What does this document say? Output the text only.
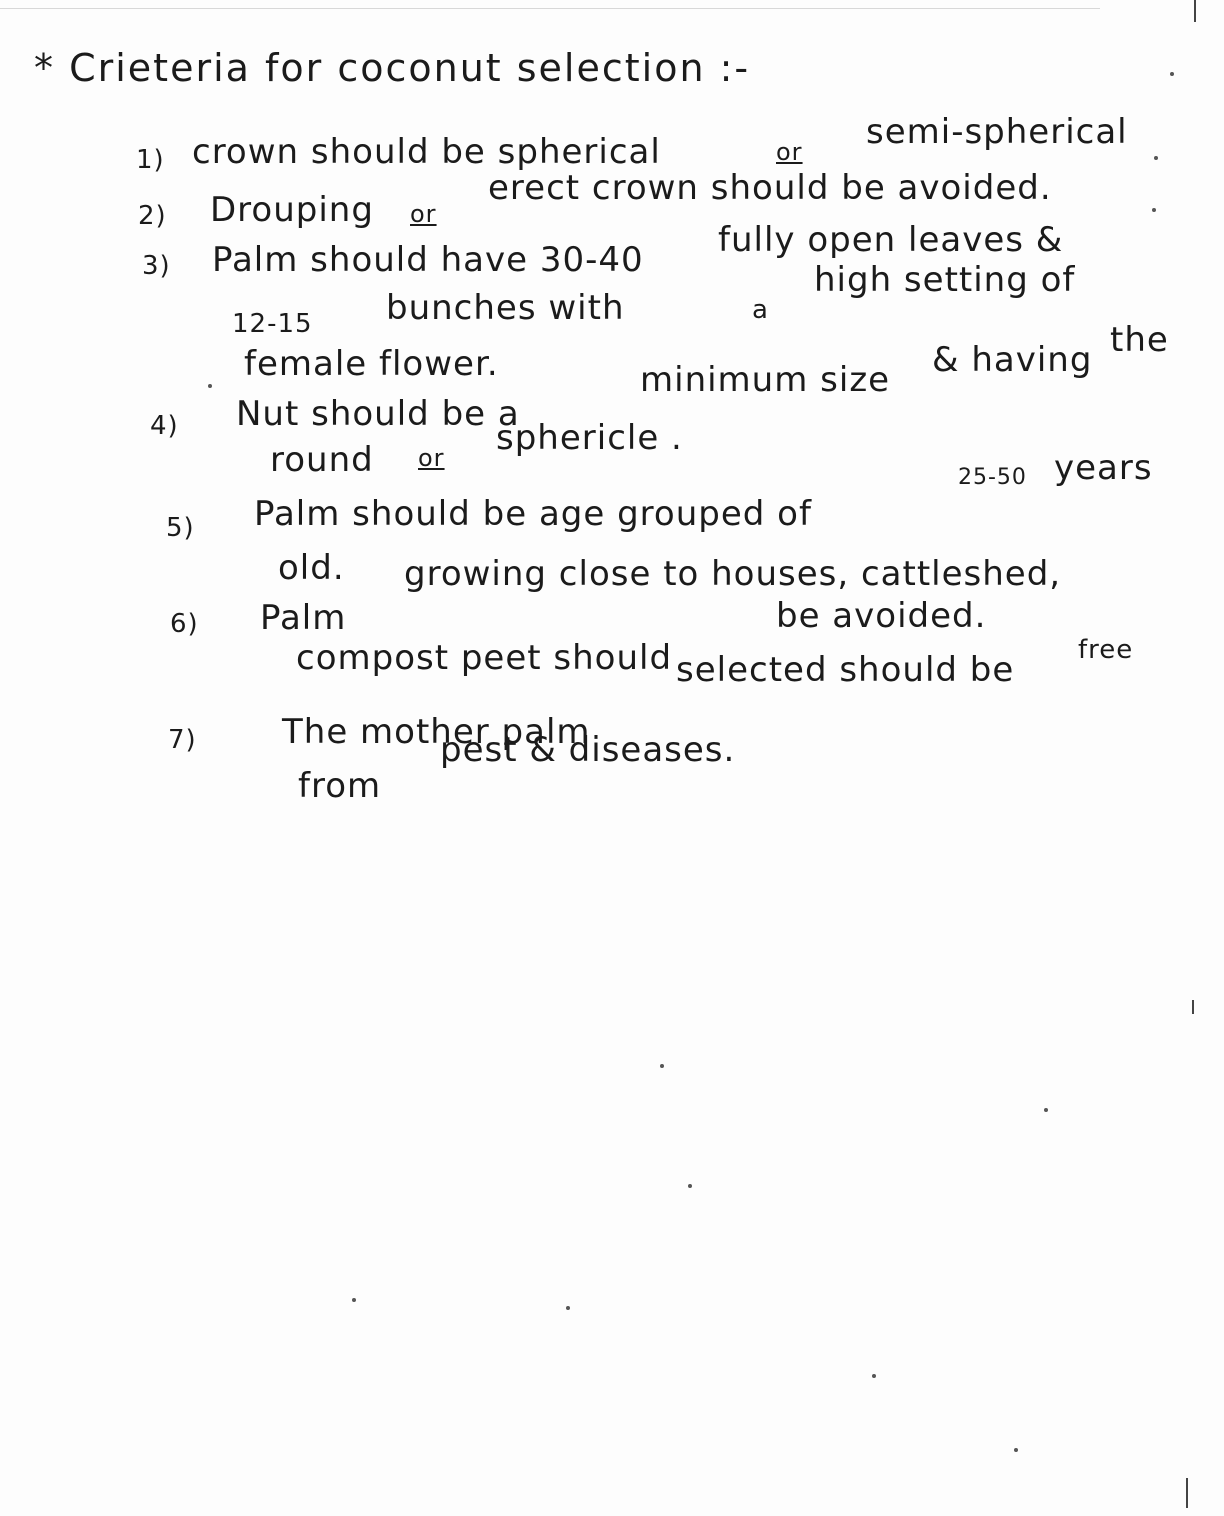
* Crieteria for coconut selection :-
1) crown should be spherical	or semi-spherical
2) Drouping or
erect crown should be avoided.
3) Palm should have 30-40 fully open leaves &
12-15 bunches with	a
high setting of
female flower.	minimum size & having the
4) Nut should be a
round or sphericle .
5) Palm should be age grouped of
25-50 years
old.
6) Palm
growing close to houses, cattleshed,
be avoided.
compost peet should selected should be free
7)	The mother palm
from
pest & diseases.
